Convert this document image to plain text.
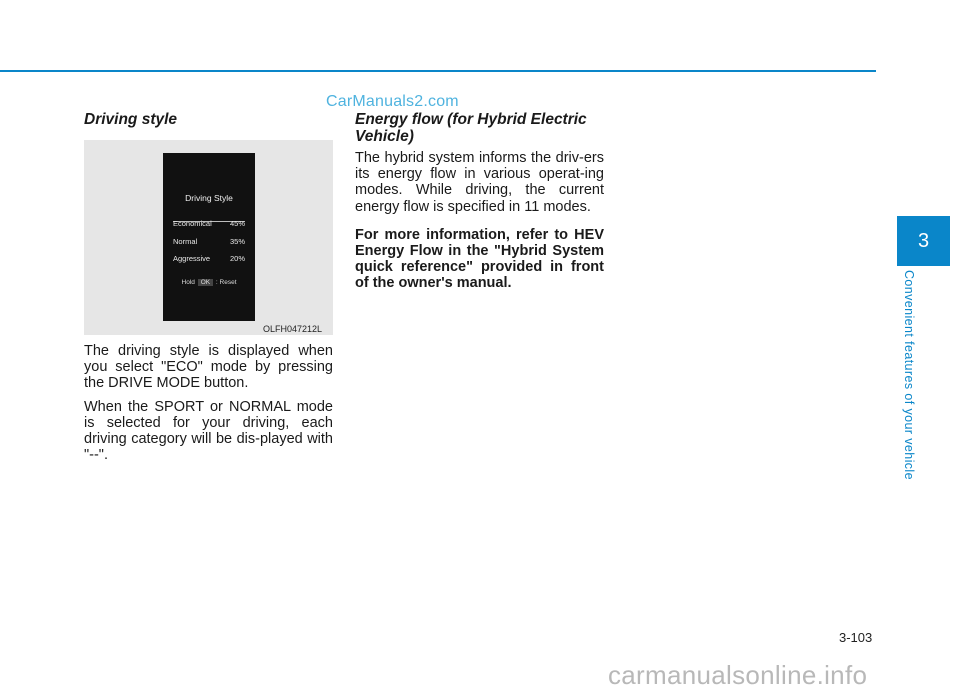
CarManuals2.com
3
Convenient features of your vehicle
Driving style
Driving Style
Economical 45%
Normal	35%
Aggressive	20%
Hold OK : Reset
OLFH047212L

The driving style is displayed when you select "ECO" mode by pressing the DRIVE MODE button.

When the SPORT or NORMAL mode is selected for your driving, each driving category will be dis-played with "--".

Energy flow (for Hybrid Electric
Vehicle)

The hybrid system informs the driv-ers its energy flow in various operat-ing modes. While driving, the current energy flow is specified in 11 modes.

For more information, refer to HEV Energy Flow in the "Hybrid System quick reference" provided in front of the owner's manual.

3-103
carmanualsonline.info
